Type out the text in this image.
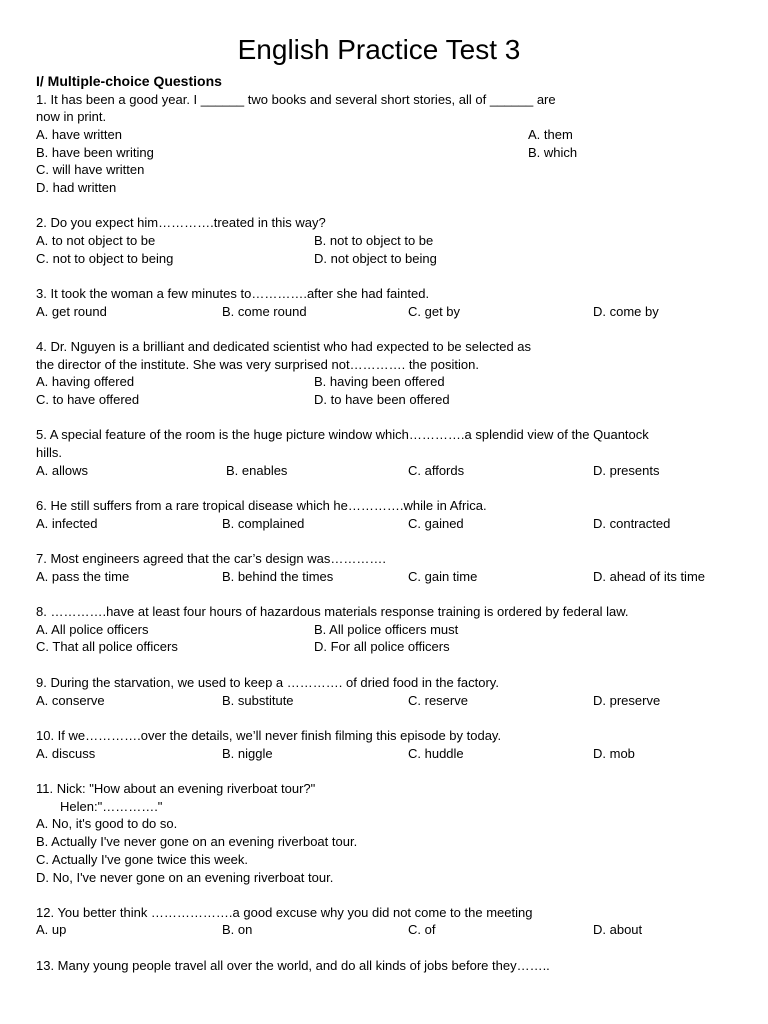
English Practice Test 3
I/ Multiple-choice Questions
1. It has been a good year. I ______ two books and several short stories, all of ______ are
now in print.
A. have written	A. them
B. have been writing	B. which
C. will have written
D. had written
2. Do you expect him………….treated in this way?
A. to not object to be	B. not to object to be
C. not to object to being	D. not object to being
3. It took the woman a few minutes to………….after she had fainted.
A. get round	B. come round	C. get by	D. come by
4. Dr. Nguyen is a brilliant and dedicated scientist who had expected to be selected as
the director of the institute. She was very surprised not…………. the position.
A. having offered	B. having been offered
C. to have offered	D. to have been offered
5. A special feature of the room is the huge picture window which………….a splendid view of the Quantock
hills.
A. allows	B. enables	C. affords	D. presents
6. He still suffers from a rare tropical disease which he………….while in Africa.
A. infected	B. complained	C. gained	D. contracted
7. Most engineers agreed that the car’s design was………….
A. pass the time	B. behind the times	C. gain time	D. ahead of its time
8. ………….have at least four hours of hazardous materials response training is ordered by federal law.
A. All police officers	B. All police officers must
C. That all police officers	D. For all police officers
9. During the starvation, we used to keep a …………. of dried food in the factory.
A. conserve	B. substitute	C. reserve	D. preserve
10. If we………….over the details, we’ll never finish filming this episode by today.
A. discuss	B. niggle	C. huddle	D. mob
11. Nick: "How about an evening riverboat tour?"
Helen:"…………."
A. No, it's good to do so.
B. Actually I've never gone on an evening riverboat tour.
C. Actually I've gone twice this week.
D. No, I've never gone on an evening riverboat tour.
12. You better think ……………….a good excuse why you did not come to the meeting
A. up	B. on	C. of	D. about
13. Many young people travel all over the world, and do all kinds of jobs before they……..
